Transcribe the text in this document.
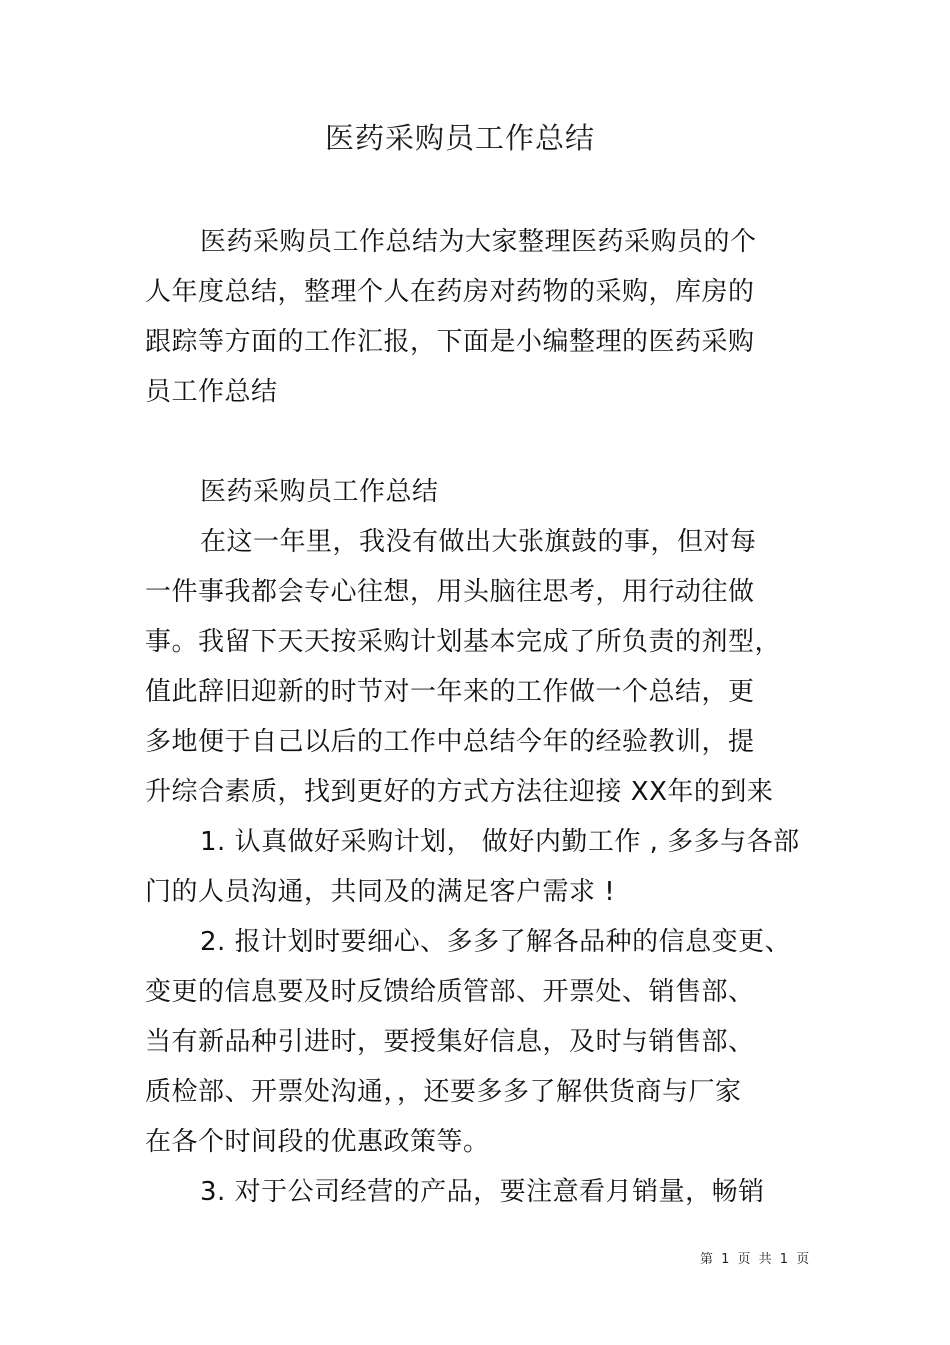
医药采购员工作总结
医药采购员工作总结为大家整理医药采购员的个
人年度总结，整理个人在药房对药物的采购，库房的
跟踪等方面的工作汇报，下面是小编整理的医药采购
员工作总结
医药采购员工作总结
在这一年里，我没有做出大张旗鼓的事，但对每
一件事我都会专心往想，用头脑往思考，用行动往做
事。我留下天天按采购计划基本完成了所负责的剂型，
值此辞旧迎新的时节对一年来的工作做一个总结，更
多地便于自己以后的工作中总结今年的经验教训，提
升综合素质，找到更好的方式方法往迎接 XX年的到来
1. 认真做好采购计划， 做好内勤工作 , 多多与各部
门的人员沟通，共同及的满足客户需求 !
2. 报计划时要细心、多多了解各品种的信息变更、
变更的信息要及时反馈给质管部、开票处、销售部、
当有新品种引进时，要授集好信息，及时与销售部、
质检部、开票处沟通，，还要多多了解供货商与厂家
在各个时间段的优惠政策等。
3. 对于公司经营的产品，要注意看月销量，畅销
第 1 页 共 1 页
